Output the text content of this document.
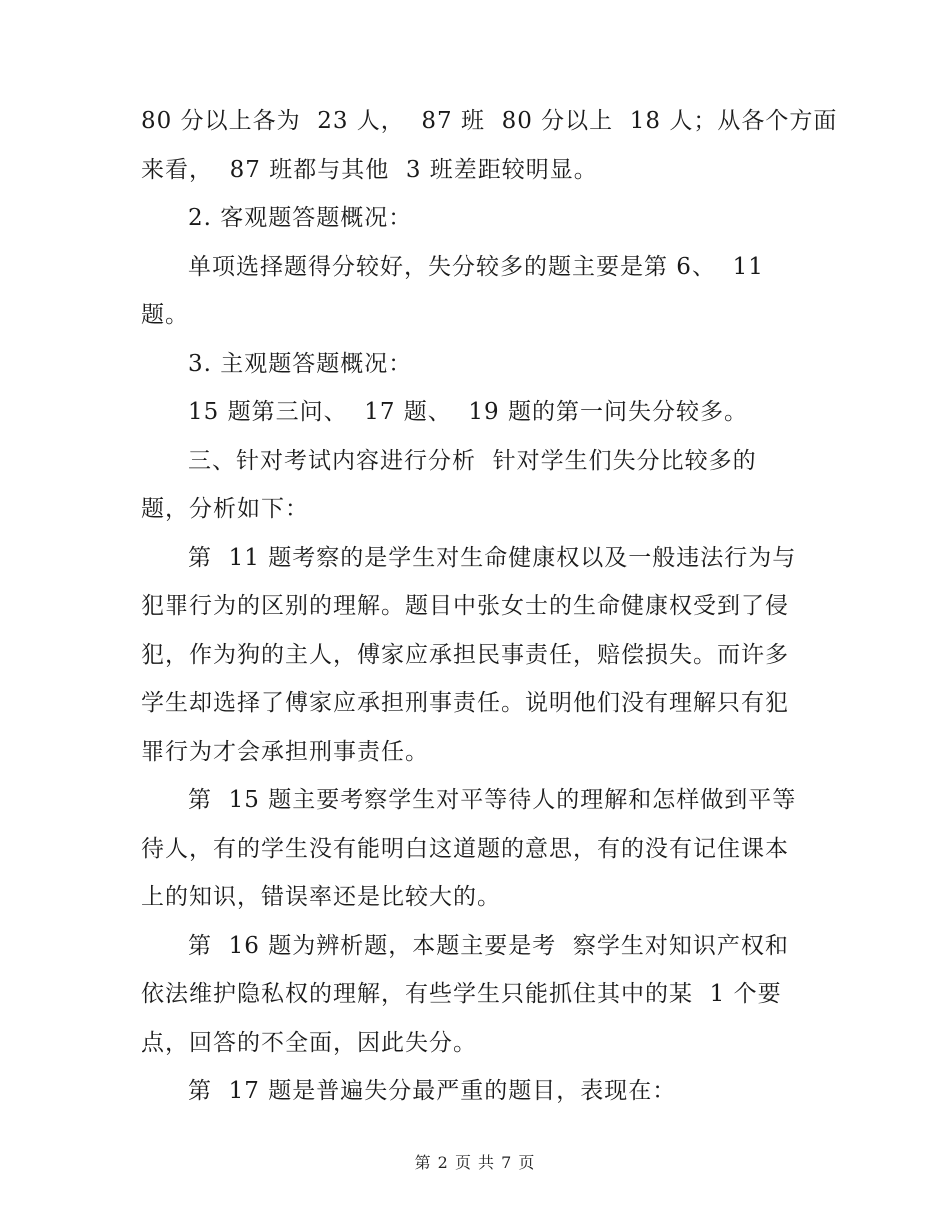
80 分以上各为  23 人，  87 班  80 分以上  18 人；从各个方面
来看，  87 班都与其他  3 班差距较明显。
2. 客观题答题概况：
单项选择题得分较好，失分较多的题主要是第 6、  11
题。
3. 主观题答题概况：
15 题第三问、  17 题、  19 题的第一问失分较多。
三、针对考试内容进行分析  针对学生们失分比较多的
题，分析如下：
第  11 题考察的是学生对生命健康权以及一般违法行为与
犯罪行为的区别的理解。题目中张女士的生命健康权受到了侵
犯，作为狗的主人，傅家应承担民事责任，赔偿损失。而许多
学生却选择了傅家应承担刑事责任。说明他们没有理解只有犯
罪行为才会承担刑事责任。
第  15 题主要考察学生对平等待人的理解和怎样做到平等
待人，有的学生没有能明白这道题的意思，有的没有记住课本
上的知识，错误率还是比较大的。
第  16 题为辨析题，本题主要是考  察学生对知识产权和
依法维护隐私权的理解，有些学生只能抓住其中的某  1 个要
点，回答的不全面，因此失分。
第  17 题是普遍失分最严重的题目，表现在：
第 2 页 共 7 页
